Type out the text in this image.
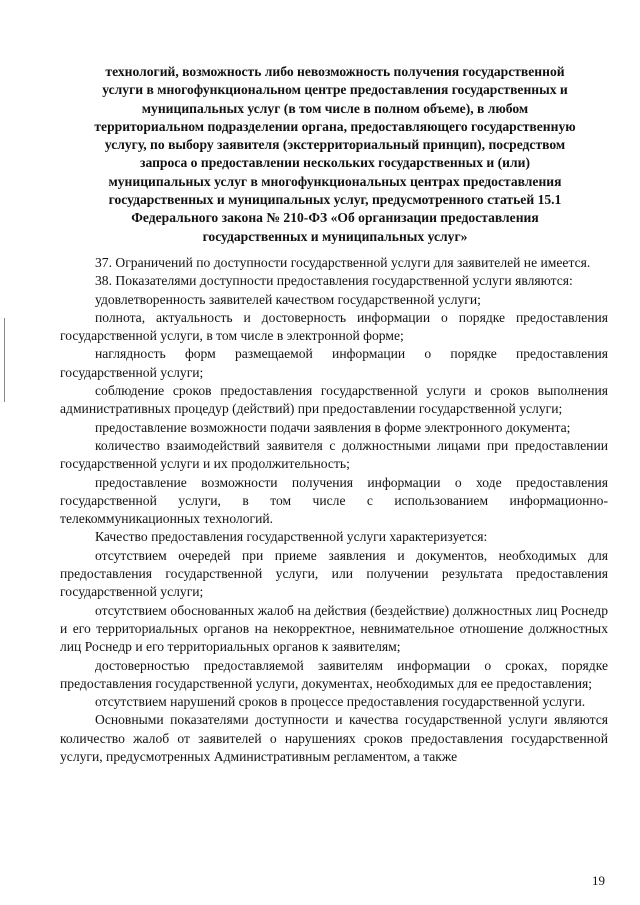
технологий, возможность либо невозможность получения государственной
услуги в многофункциональном центре предоставления государственных и
муниципальных услуг (в том числе в полном объеме), в любом
территориальном подразделении органа, предоставляющего государственную
услугу, по выбору заявителя (экстерриториальный принцип), посредством
запроса о предоставлении нескольких государственных и (или)
муниципальных услуг в многофункциональных центрах предоставления
государственных и муниципальных услуг, предусмотренного статьей 15.1
Федерального закона № 210-ФЗ «Об организации предоставления
государственных и муниципальных услуг»

37. Ограничений по доступности государственной услуги для заявителей не имеется.

38. Показателями доступности предоставления государственной услуги являются:

удовлетворенность заявителей качеством государственной услуги;

полнота, актуальность и достоверность информации о порядке предоставления государственной услуги, в том числе в электронной форме;

наглядность форм размещаемой информации о порядке предоставления государственной услуги;

соблюдение сроков предоставления государственной услуги и сроков выполнения административных процедур (действий) при предоставлении государственной услуги;

предоставление возможности подачи заявления в форме электронного документа;

количество взаимодействий заявителя с должностными лицами при предоставлении государственной услуги и их продолжительность;

предоставление возможности получения информации о ходе предоставления государственной услуги, в том числе с использованием информационно-телекоммуникационных технологий.

Качество предоставления государственной услуги характеризуется:

отсутствием очередей при приеме заявления и документов, необходимых для предоставления государственной услуги, или получении результата предоставления государственной услуги;

отсутствием обоснованных жалоб на действия (бездействие) должностных лиц Роснедр и его территориальных органов на некорректное, невнимательное отношение должностных лиц Роснедр и его территориальных органов к заявителям;

достоверностью предоставляемой заявителям информации о сроках, порядке предоставления государственной услуги, документах, необходимых для ее предоставления;

отсутствием нарушений сроков в процессе предоставления государственной услуги.

Основными показателями доступности и качества государственной услуги являются количество жалоб от заявителей о нарушениях сроков предоставления государственной услуги, предусмотренных Административным регламентом, а также

19
